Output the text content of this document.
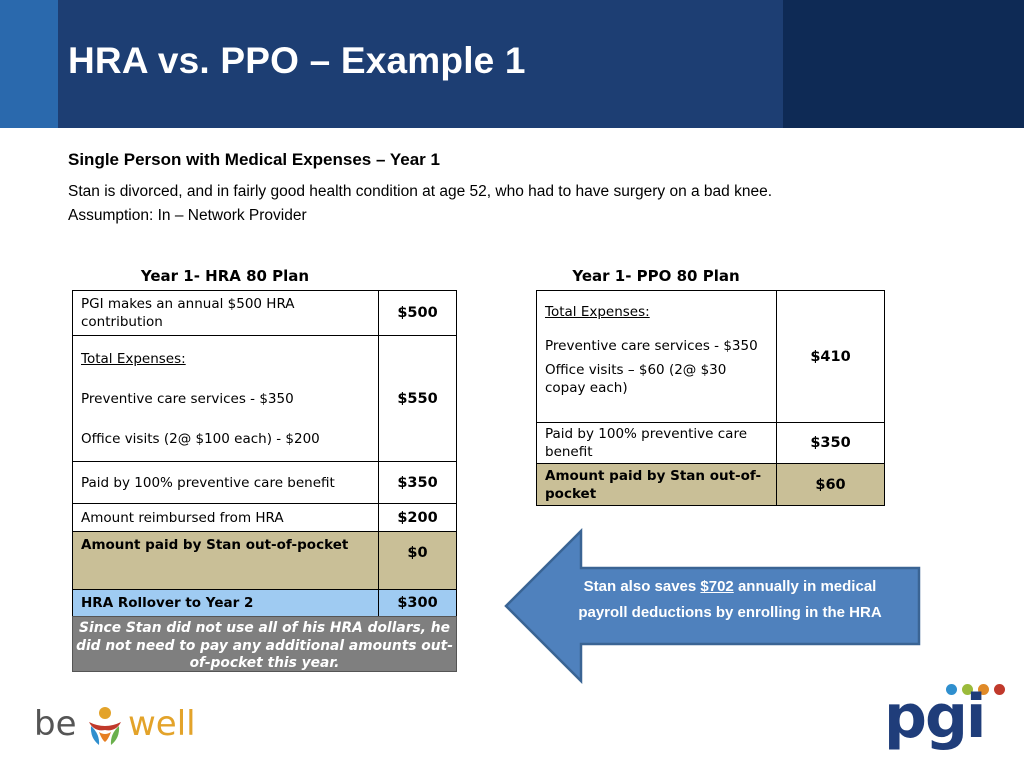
HRA vs. PPO – Example 1
Single Person with Medical Expenses – Year 1
Stan is divorced, and in fairly good health condition at age 52, who had to have surgery on a bad knee.
Assumption: In – Network Provider
Year 1- HRA 80 Plan
PGI makes an annual $500 HRA contribution	$500

Total Expenses:
Preventive care services - $350
Office visits (2@ $100 each) - $200	$550
Paid by 100% preventive care benefit	$350
Amount reimbursed from HRA	$200
Amount paid by Stan out-of-pocket	$0
HRA Rollover to Year 2	$300
Since Stan did not use all of his HRA dollars, he did not need to pay any additional amounts out-of-pocket this year.
Year 1- PPO 80 Plan
Total Expenses:
Preventive care services - $350
Office visits – $60 (2@ $30 copay each)	$410
Paid by 100% preventive care benefit	$350
Amount paid by Stan out-of-pocket	$60
Stan also saves $702 annually in medical payroll deductions by enrolling in the HRA
be well	pgi
